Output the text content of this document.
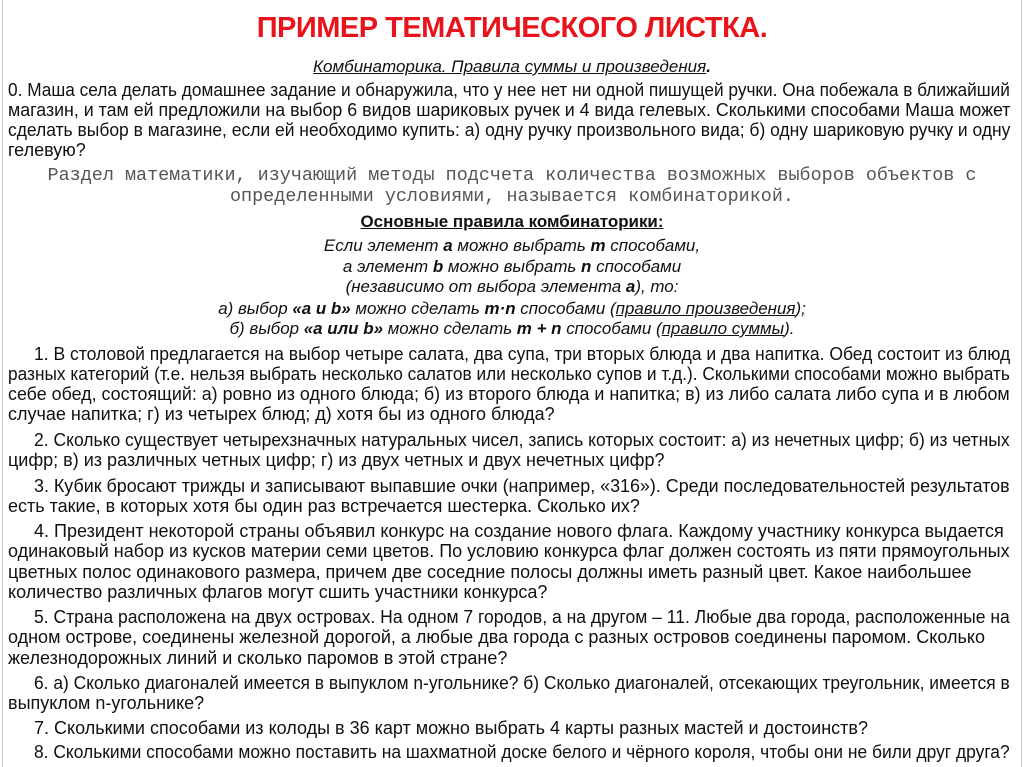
ПРИМЕР ТЕМАТИЧЕСКОГО ЛИСТКА.
Комбинаторика. Правила суммы и произведения.
0. Маша села делать домашнее задание и обнаружила, что у нее нет ни одной пишущей ручки. Она побежала в ближайший
магазин, и там ей предложили на выбор 6 видов шариковых ручек и 4 вида гелевых. Сколькими способами Маша может
сделать выбор в магазине, если ей необходимо купить: а) одну ручку произвольного вида; б) одну шариковую ручку и одну
гелевую?
Раздел математики, изучающий методы подсчета количества возможных выборов объектов с
определенными условиями, называется комбинаторикой.
Основные правила комбинаторики:
Если элемент a можно выбрать m способами,
а элемент b можно выбрать n способами
(независимо от выбора элемента a), то:
а) выбор «a и b» можно сделать m·n способами (правило произведения);
б) выбор «a или b» можно сделать m + n способами (правило суммы).
1. В столовой предлагается на выбор четыре салата, два супа, три вторых блюда и два напитка. Обед состоит из блюд
разных категорий (т.е. нельзя выбрать несколько салатов или несколько супов и т.д.). Сколькими способами можно выбрать
себе обед, состоящий: а) ровно из одного блюда; б) из второго блюда и напитка; в) из либо салата либо супа и в любом
случае напитка; г) из четырех блюд; д) хотя бы из одного блюда?
2. Сколько существует четырехзначных натуральных чисел, запись которых состоит: а) из нечетных цифр; б) из четных
цифр; в) из различных четных цифр; г) из двух четных и двух нечетных цифр?
3. Кубик бросают трижды и записывают выпавшие очки (например, «316»). Среди последовательностей результатов
есть такие, в которых хотя бы один раз встречается шестерка. Сколько их?
4. Президент некоторой страны объявил конкурс на создание нового флага. Каждому участнику конкурса выдается
одинаковый набор из кусков материи семи цветов. По условию конкурса флаг должен состоять из пяти прямоугольных
цветных полос одинакового размера, причем две соседние полосы должны иметь разный цвет. Какое наибольшее
количество различных флагов могут сшить участники конкурса?
5. Страна расположена на двух островах. На одном 7 городов, а на другом – 11. Любые два города, расположенные на
одном острове, соединены железной дорогой, а любые два города с разных островов соединены паромом. Сколько
железнодорожных линий и сколько паромов в этой стране?
6. а) Сколько диагоналей имеется в выпуклом n-угольнике? б) Сколько диагоналей, отсекающих треугольник, имеется в
выпуклом n-угольнике?
7. Сколькими способами из колоды в 36 карт можно выбрать 4 карты разных мастей и достоинств?
8. Сколькими способами можно поставить на шахматной доске белого и чёрного короля, чтобы они не били друг друга?
